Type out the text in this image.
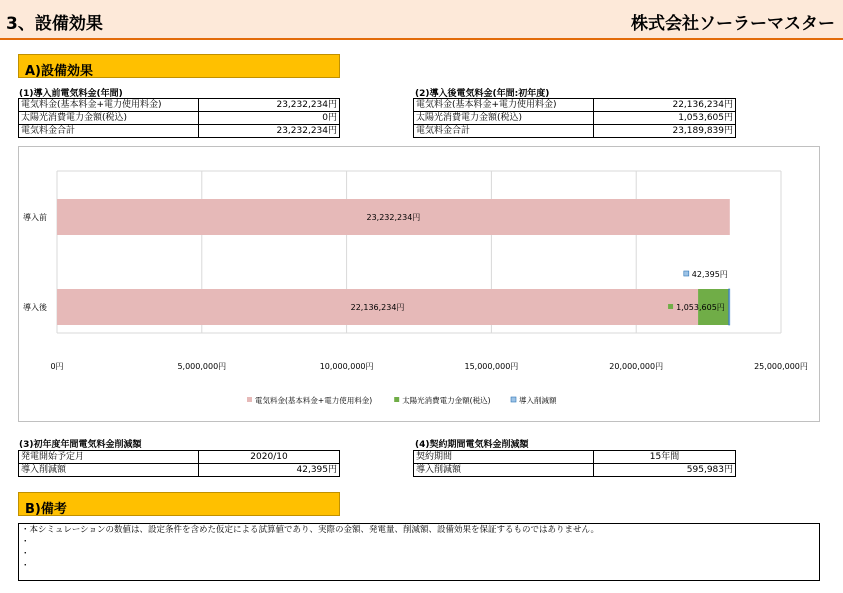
3、設備効果	株式会社ソーラーマスター
A)設備効果
(1)導入前電気料金(年間)
電気料金(基本料金+電力使用料金)	23,232,234円
太陽光消費電力金額(税込)	0円
電気料金合計	23,232,234円
(2)導入後電気料金(年間:初年度)
電気料金(基本料金+電力使用料金)	22,136,234円
太陽光消費電力金額(税込)	1,053,605円
電気料金合計	23,189,839円
0円	5,000,000円	10,000,000円	15,000,000円	20,000,000円	25,000,000円
導入前	23,232,234円
導入後	22,136,234円	1,053,605円
42,395円
電気料金(基本料金+電力使用料金)	太陽光消費電力金額(税込)	導入削減額
(3)初年度年間電気料金削減額
発電開始予定月	2020/10
導入削減額	42,395円
(4)契約期間電気料金削減額
契約期間	15年間
導入削減額	595,983円
B)備考
・本シミュレーションの数値は、設定条件を含めた仮定による試算値であり、実際の金額、発電量、削減額、設備効果を保証するものではありません。
・
・
・
